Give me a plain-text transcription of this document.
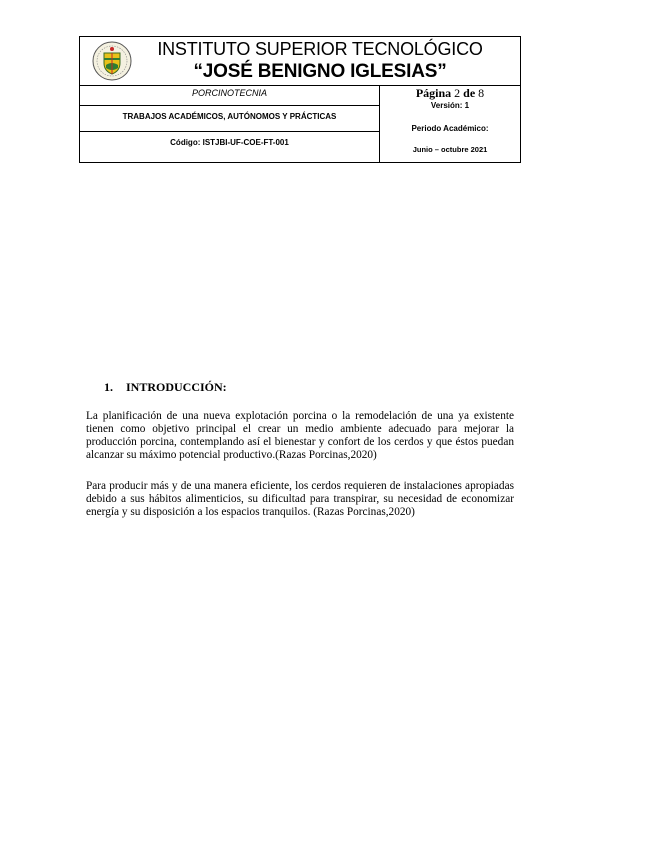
INSTITUTO SUPERIOR TECNOLÓGICO
“JOSÉ BENIGNO IGLESIAS”
PORCINOTECNIA
TRABAJOS ACADÉMICOS, AUTÓNOMOS Y PRÁCTICAS
Código: ISTJBI-UF-COE-FT-001
Página 2 de 8
Versión: 1
Periodo Académico:
Junio – octubre 2021
1. INTRODUCCIÓN:
La planificación de una nueva explotación porcina o la remodelación de una ya existente tienen como objetivo principal el crear un medio ambiente adecuado para mejorar la producción porcina, contemplando así el bienestar y confort de los cerdos y que éstos puedan alcanzar su máximo potencial productivo.(Razas Porcinas,2020)
Para producir más y de una manera eficiente, los cerdos requieren de instalaciones apropiadas debido a sus hábitos alimenticios, su dificultad para transpirar, su necesidad de economizar energía y su disposición a los espacios tranquilos. (Razas Porcinas,2020)
